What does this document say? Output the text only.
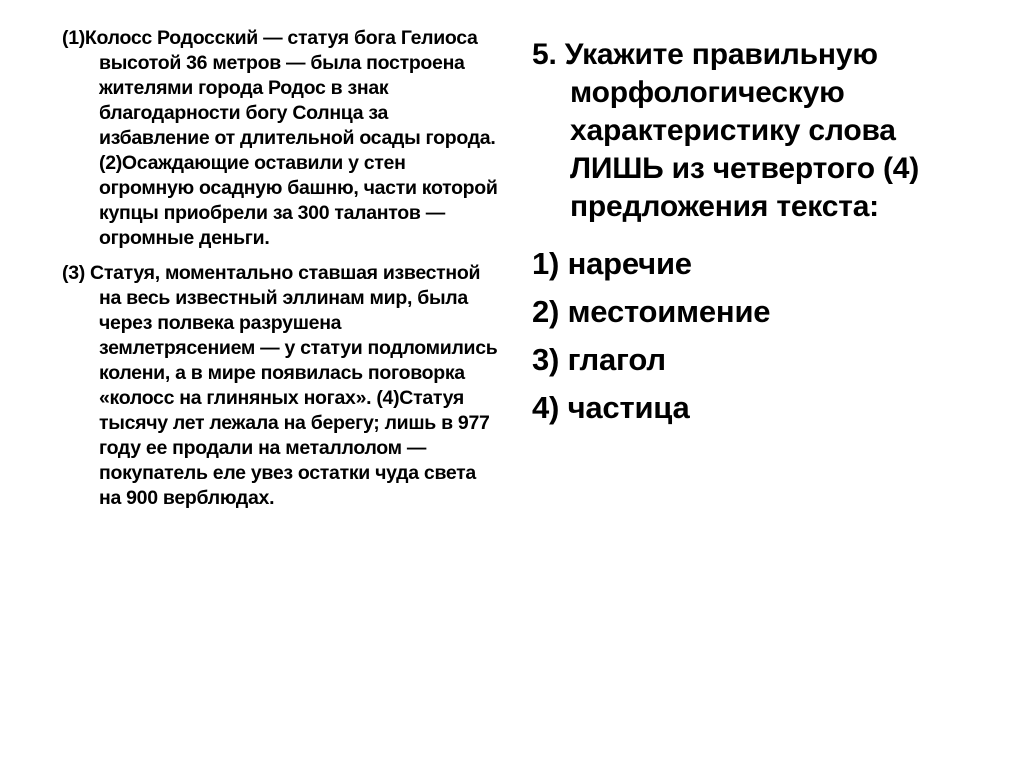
(1)Колосс Родосский — статуя бога Гелиоса высотой 36 метров — была построена жителями города Родос в знак благодарности богу Солнца за избавление от длительной осады города. (2)Осаждающие оставили у стен огромную осадную башню, части которой купцы приобрели за 300 талантов — огромные деньги.

(3) Статуя, моментально ставшая известной на весь известный эллинам мир, была через полвека разрушена землетрясением — у статуи подломились колени, а в мире появилась поговорка «колосс на глиняных ногах». (4)Статуя тысячу лет лежала на берегу; лишь в 977 году ее продали на металлолом — покупатель еле увез остатки чуда света на 900 верблюдах.

5. Укажите правильную морфологическую характеристику слова ЛИШЬ из четвертого (4) предложения текста:
1) наречие
2) местоимение
3) глагол
4) частица
